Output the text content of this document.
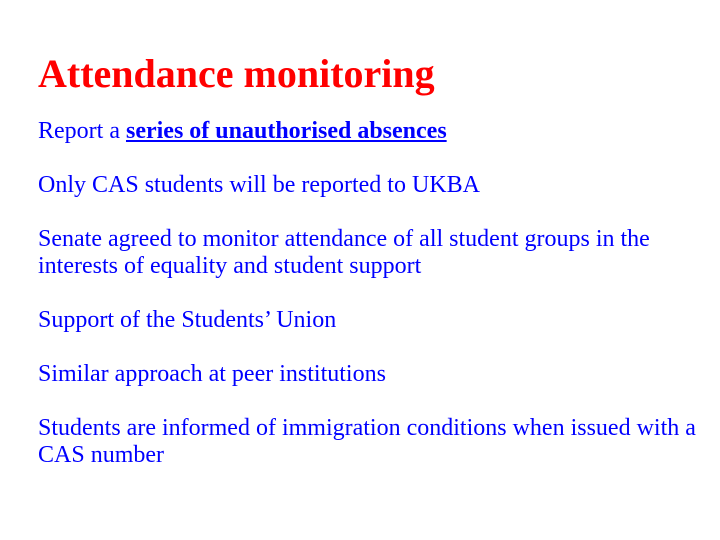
Attendance monitoring

Report a series of unauthorised absences

Only CAS students will be reported to UKBA

Senate agreed to monitor attendance of all student groups in the interests of equality and student support

Support of the Students’ Union

Similar approach at peer institutions

Students are informed of immigration conditions when issued with a CAS number
